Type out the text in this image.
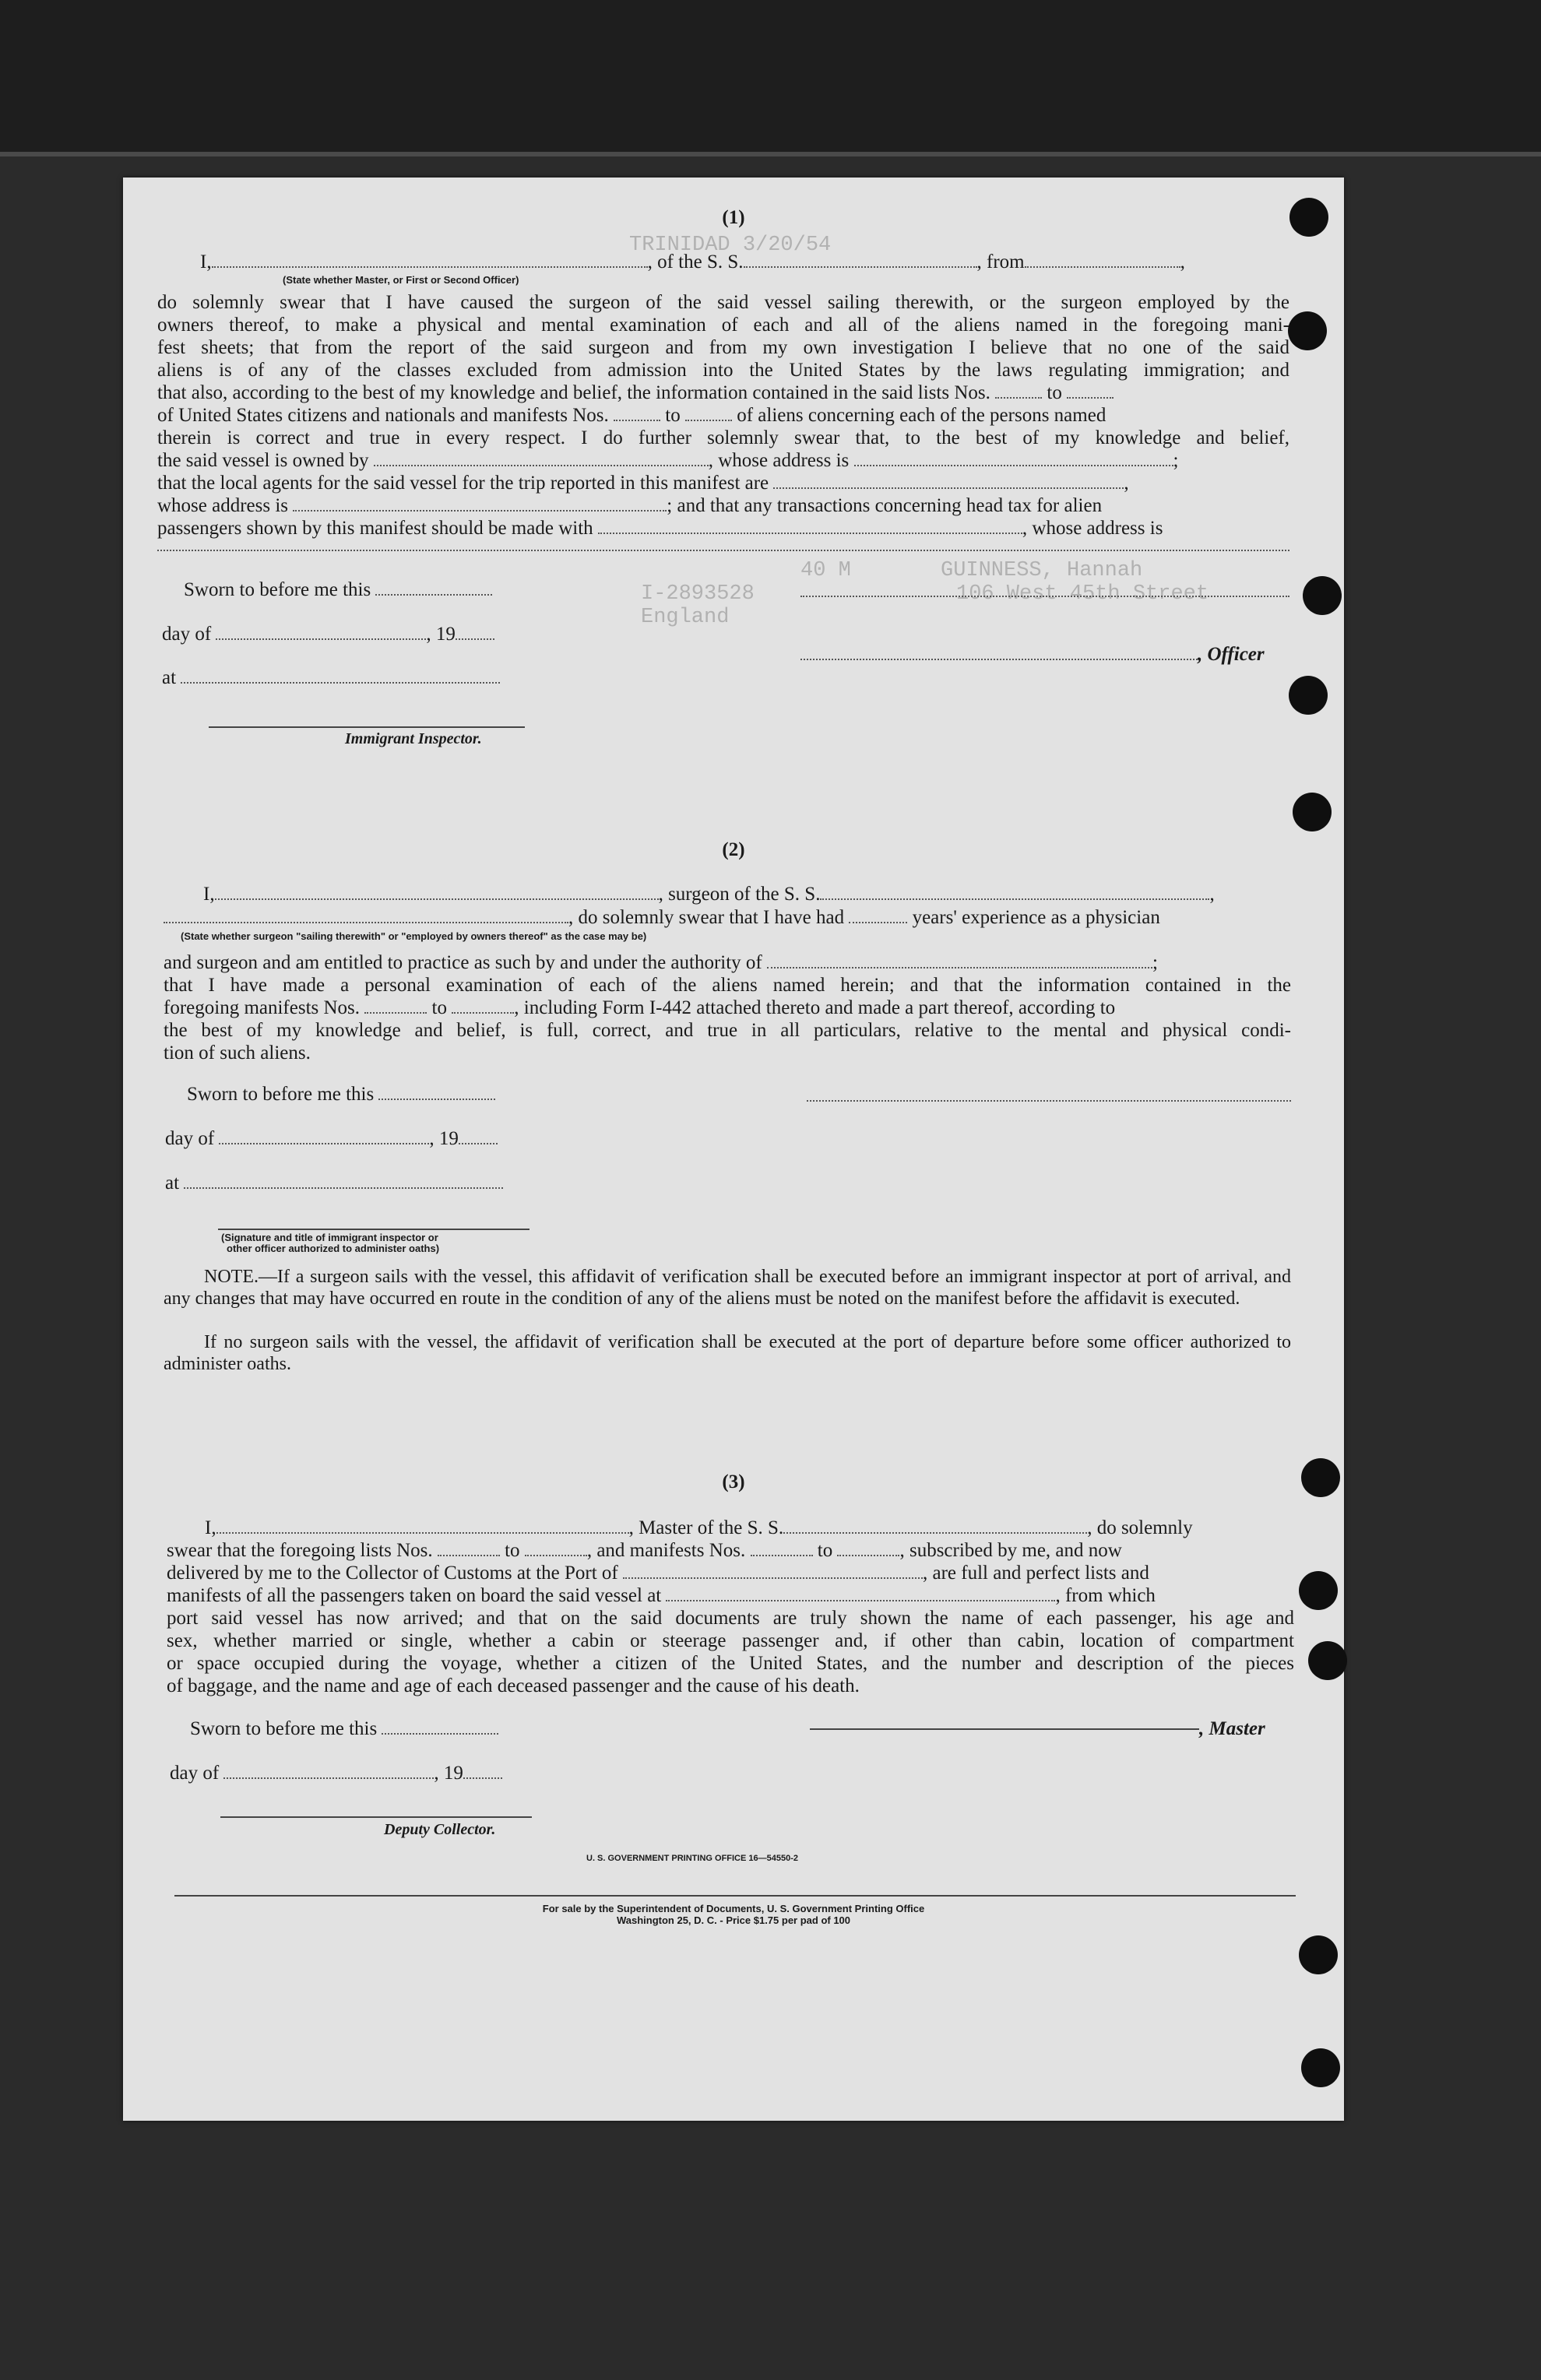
TRINIDAD 3/20/54
40 M	GUINNESS, Hannah
106 West 45th Street
I-2893528
England
(1)
I,	, of the S. S.	, from	,
(State whether Master, or First or Second Officer)
do solemnly swear that I have caused the surgeon of the said vessel sailing therewith, or the surgeon employed by the
owners thereof, to make a physical and mental examination of each and all of the aliens named in the foregoing mani-
fest sheets; that from the report of the said surgeon and from my own investigation I believe that no one of the said
aliens is of any of the classes excluded from admission into the United States by the laws regulating immigration; and
that also, according to the best of my knowledge and belief, the information contained in the said lists Nos.	to
of United States citizens and nationals and manifests Nos.	to	of aliens concerning each of the persons named
therein is correct and true in every respect. I do further solemnly swear that, to the best of my knowledge and belief,
the said vessel is owned by	, whose address is	;
that the local agents for the said vessel for the trip reported in this manifest are	,
whose address is	; and that any transactions concerning head tax for alien
passengers shown by this manifest should be made with	, whose address is
Sworn to before me this
day of	, 19
, Officer
at
Immigrant Inspector.
(2)
I,	, surgeon of the S. S.	,
, do solemnly swear that I have had	years' experience as a physician
(State whether surgeon "sailing therewith" or "employed by owners thereof" as the case may be)
and surgeon and am entitled to practice as such by and under the authority of	;
that I have made a personal examination of each of the aliens named herein; and that the information contained in the
foregoing manifests Nos.	to	, including Form I-442 attached thereto and made a part thereof, according to
the best of my knowledge and belief, is full, correct, and true in all particulars, relative to the mental and physical condi-
tion of such aliens.
Sworn to before me this
day of	, 19
at
(Signature and title of immigrant inspector or
other officer authorized to administer oaths)
NOTE.—If a surgeon sails with the vessel, this affidavit of verification shall be executed before an immigrant inspector at port of arrival, and any changes that may have occurred en route in the condition of any of the aliens must be noted on the manifest before the affidavit is executed.
If no surgeon sails with the vessel, the affidavit of verification shall be executed at the port of departure before some officer authorized to administer oaths.
(3)
I,	, Master of the S. S.	, do solemnly
swear that the foregoing lists Nos.	to	, and manifests Nos.	to	, subscribed by me, and now
delivered by me to the Collector of Customs at the Port of	, are full and perfect lists and
manifests of all the passengers taken on board the said vessel at	, from which
port said vessel has now arrived; and that on the said documents are truly shown the name of each passenger, his age and
sex, whether married or single, whether a cabin or steerage passenger and, if other than cabin, location of compartment
or space occupied during the voyage, whether a citizen of the United States, and the number and description of the pieces
of baggage, and the name and age of each deceased passenger and the cause of his death.
Sworn to before me this	, Master
day of	, 19
Deputy Collector.
U. S. GOVERNMENT PRINTING OFFICE 16—54550-2
For sale by the Superintendent of Documents, U. S. Government Printing Office
Washington 25, D. C. - Price $1.75 per pad of 100
